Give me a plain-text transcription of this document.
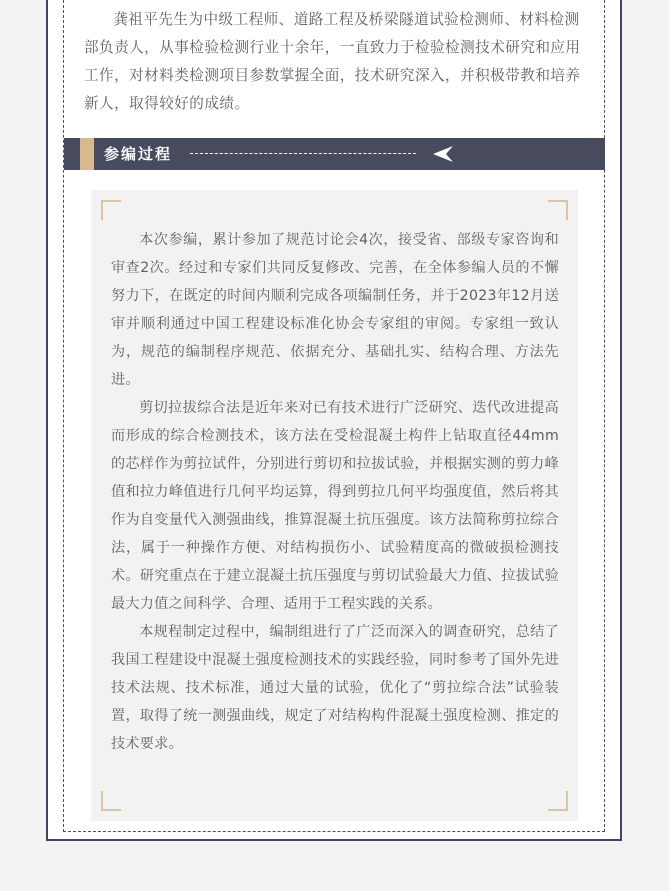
龚祖平先生为中级工程师、道路工程及桥梁隧道试验检测师、材料检测部负责人，从事检验检测行业十余年，一直致力于检验检测技术研究和应用工作，对材料类检测项目参数掌握全面，技术研究深入，并积极带教和培养新人，取得较好的成绩。

参编过程

本次参编，累计参加了规范讨论会4次，接受省、部级专家咨询和审查2次。经过和专家们共同反复修改、完善，在全体参编人员的不懈努力下，在既定的时间内顺利完成各项编制任务，并于2023年12月送审并顺利通过中国工程建设标准化协会专家组的审阅。专家组一致认为，规范的编制程序规范、依据充分、基础扎实、结构合理、方法先进。

剪切拉拔综合法是近年来对已有技术进行广泛研究、迭代改进提高而形成的综合检测技术，该方法在受检混凝土构件上钻取直径44mm的芯样作为剪拉试件，分别进行剪切和拉拔试验，并根据实测的剪力峰值和拉力峰值进行几何平均运算，得到剪拉几何平均强度值，然后将其作为自变量代入测强曲线，推算混凝土抗压强度。该方法简称剪拉综合法，属于一种操作方便、对结构损伤小、试验精度高的微破损检测技术。研究重点在于建立混凝土抗压强度与剪切试验最大力值、拉拔试验最大力值之间科学、合理、适用于工程实践的关系。

本规程制定过程中，编制组进行了广泛而深入的调查研究，总结了我国工程建设中混凝土强度检测技术的实践经验，同时参考了国外先进技术法规、技术标准，通过大量的试验，优化了“剪拉综合法”试验装置，取得了统一测强曲线，规定了对结构构件混凝土强度检测、推定的技术要求。
